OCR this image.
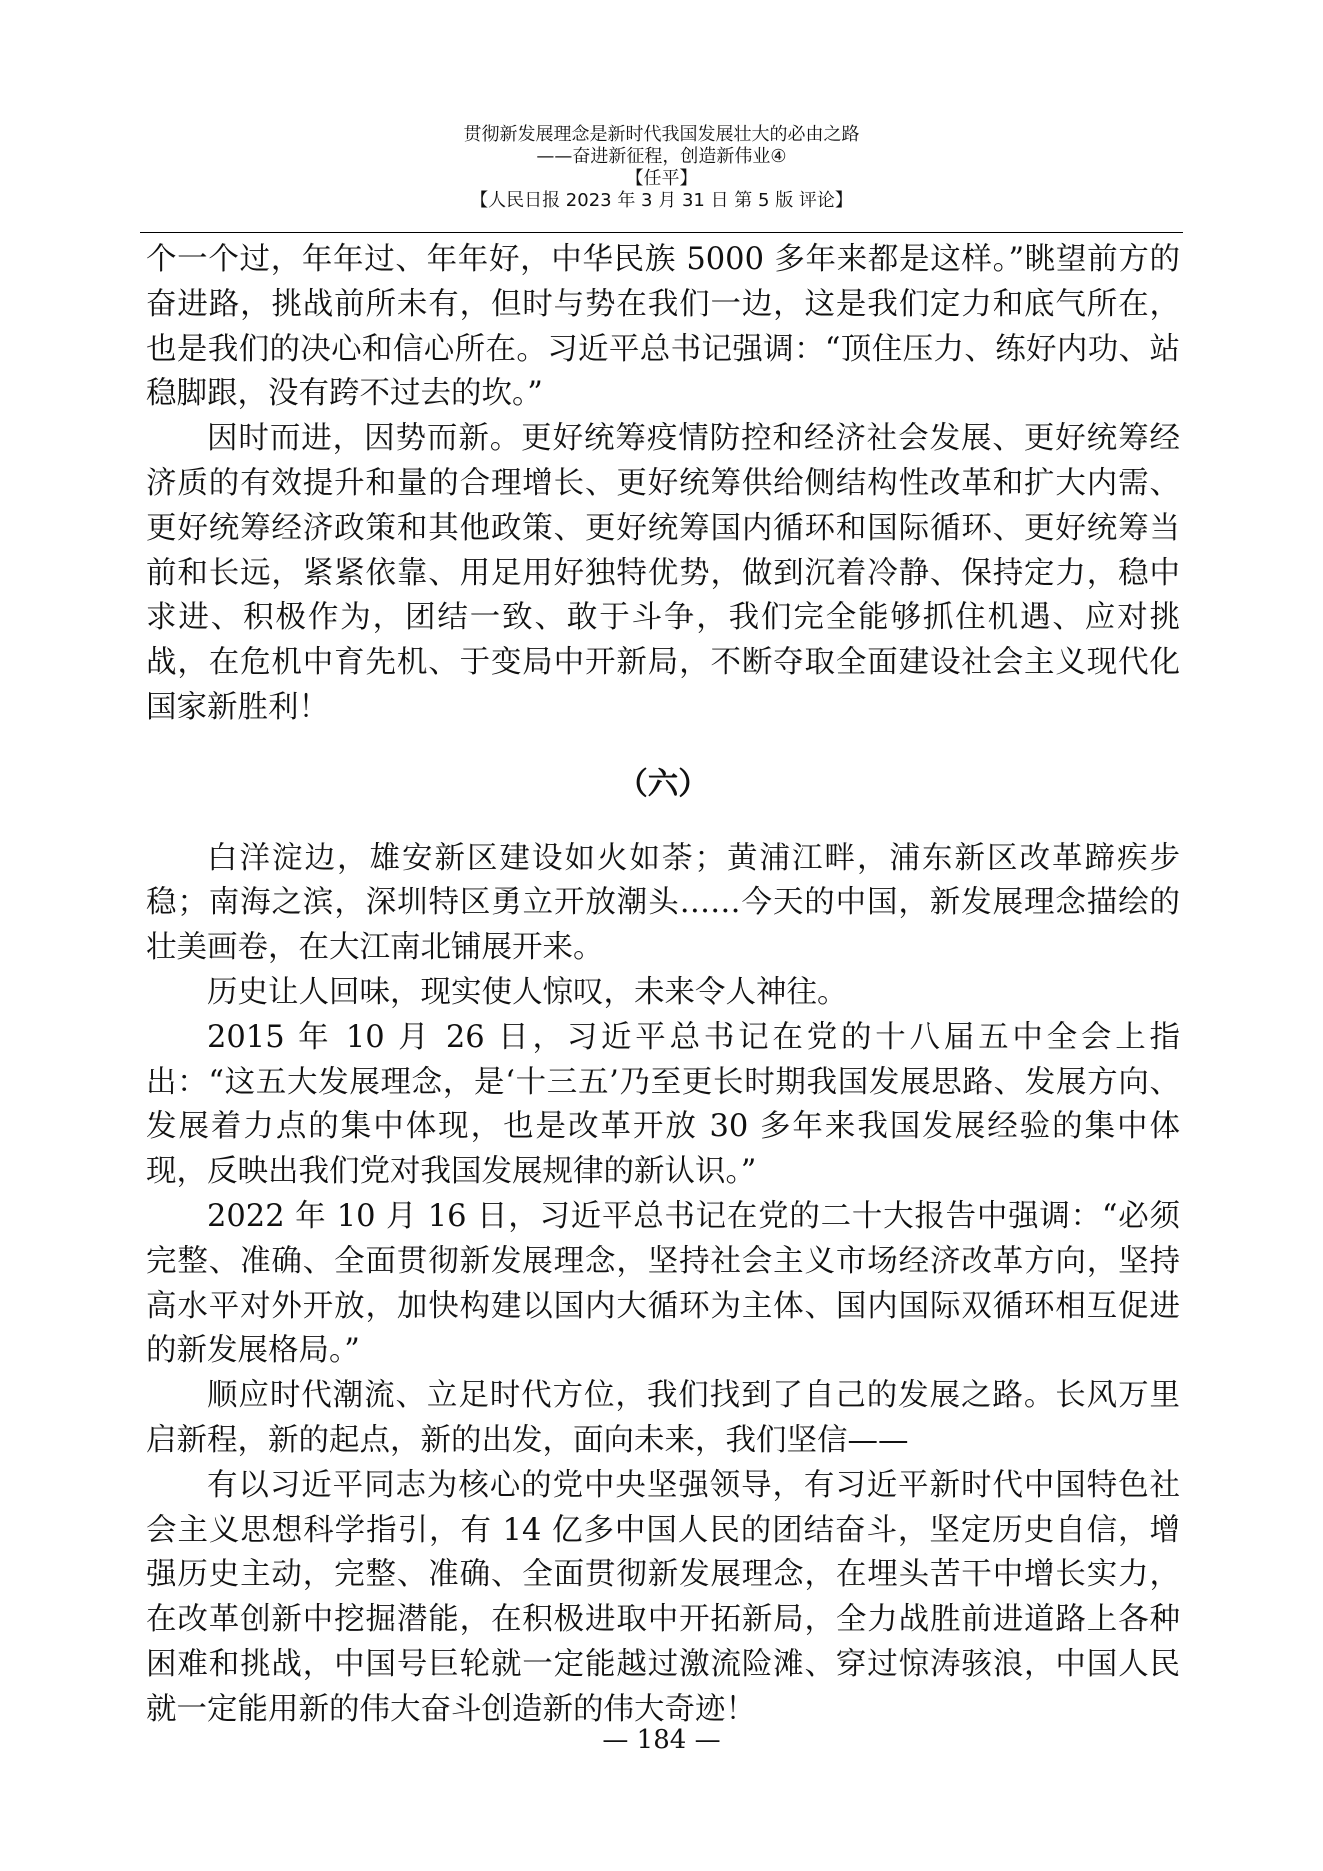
贯彻新发展理念是新时代我国发展壮大的必由之路

——奋进新征程，创造新伟业④

【任平】

【人民日报 2023 年 3 月 31 日 第 5 版 评论】

个一个过，年年过、年年好，中华民族 5000 多年来都是这样。”眺望前方的奋进路，挑战前所未有，但时与势在我们一边，这是我们定力和底气所在，也是我们的决心和信心所在。习近平总书记强调：“顶住压力、练好内功、站稳脚跟，没有跨不过去的坎。”

因时而进，因势而新。更好统筹疫情防控和经济社会发展、更好统筹经济质的有效提升和量的合理增长、更好统筹供给侧结构性改革和扩大内需、更好统筹经济政策和其他政策、更好统筹国内循环和国际循环、更好统筹当前和长远，紧紧依靠、用足用好独特优势，做到沉着冷静、保持定力，稳中求进、积极作为，团结一致、敢于斗争，我们完全能够抓住机遇、应对挑战，在危机中育先机、于变局中开新局，不断夺取全面建设社会主义现代化国家新胜利！

（六）

白洋淀边，雄安新区建设如火如荼；黄浦江畔，浦东新区改革蹄疾步稳；南海之滨，深圳特区勇立开放潮头……今天的中国，新发展理念描绘的壮美画卷，在大江南北铺展开来。

历史让人回味，现实使人惊叹，未来令人神往。

2015 年 10 月 26 日，习近平总书记在党的十八届五中全会上指出：“这五大发展理念，是‘十三五’乃至更长时期我国发展思路、发展方向、发展着力点的集中体现，也是改革开放 30 多年来我国发展经验的集中体现，反映出我们党对我国发展规律的新认识。”

2022 年 10 月 16 日，习近平总书记在党的二十大报告中强调：“必须完整、准确、全面贯彻新发展理念，坚持社会主义市场经济改革方向，坚持高水平对外开放，加快构建以国内大循环为主体、国内国际双循环相互促进的新发展格局。”

顺应时代潮流、立足时代方位，我们找到了自己的发展之路。长风万里启新程，新的起点，新的出发，面向未来，我们坚信——

有以习近平同志为核心的党中央坚强领导，有习近平新时代中国特色社会主义思想科学指引，有 14 亿多中国人民的团结奋斗，坚定历史自信，增强历史主动，完整、准确、全面贯彻新发展理念，在埋头苦干中增长实力，在改革创新中挖掘潜能，在积极进取中开拓新局，全力战胜前进道路上各种困难和挑战，中国号巨轮就一定能越过激流险滩、穿过惊涛骇浪，中国人民就一定能用新的伟大奋斗创造新的伟大奇迹！

— 184 —
